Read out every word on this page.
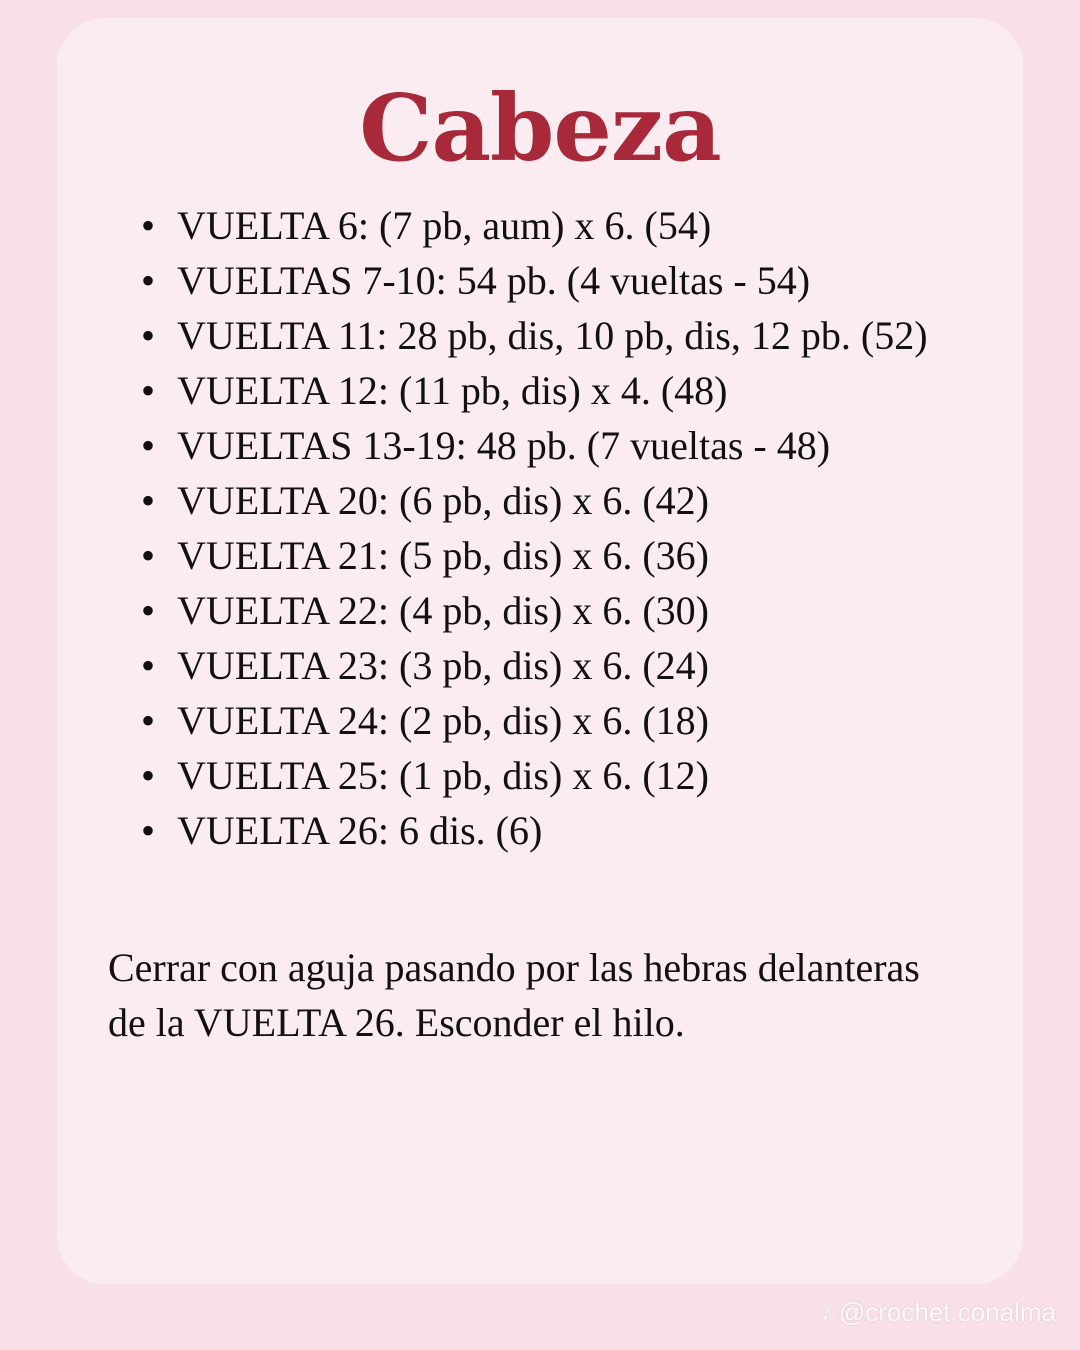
Cabeza
• VUELTA 6: (7 pb, aum) x 6. (54)
• VUELTAS 7-10: 54 pb. (4 vueltas - 54)
• VUELTA 11: 28 pb, dis, 10 pb, dis, 12 pb. (52)
• VUELTA 12: (11 pb, dis) x 4. (48)
• VUELTAS 13-19: 48 pb. (7 vueltas - 48)
• VUELTA 20: (6 pb, dis) x 6. (42)
• VUELTA 21: (5 pb, dis) x 6. (36)
• VUELTA 22: (4 pb, dis) x 6. (30)
• VUELTA 23: (3 pb, dis) x 6. (24)
• VUELTA 24: (2 pb, dis) x 6. (18)
• VUELTA 25: (1 pb, dis) x 6. (12)
• VUELTA 26: 6 dis. (6)

Cerrar con aguja pasando por las hebras delanteras de la VUELTA 26. Esconder el hilo.

♪ @crochet.conalma
